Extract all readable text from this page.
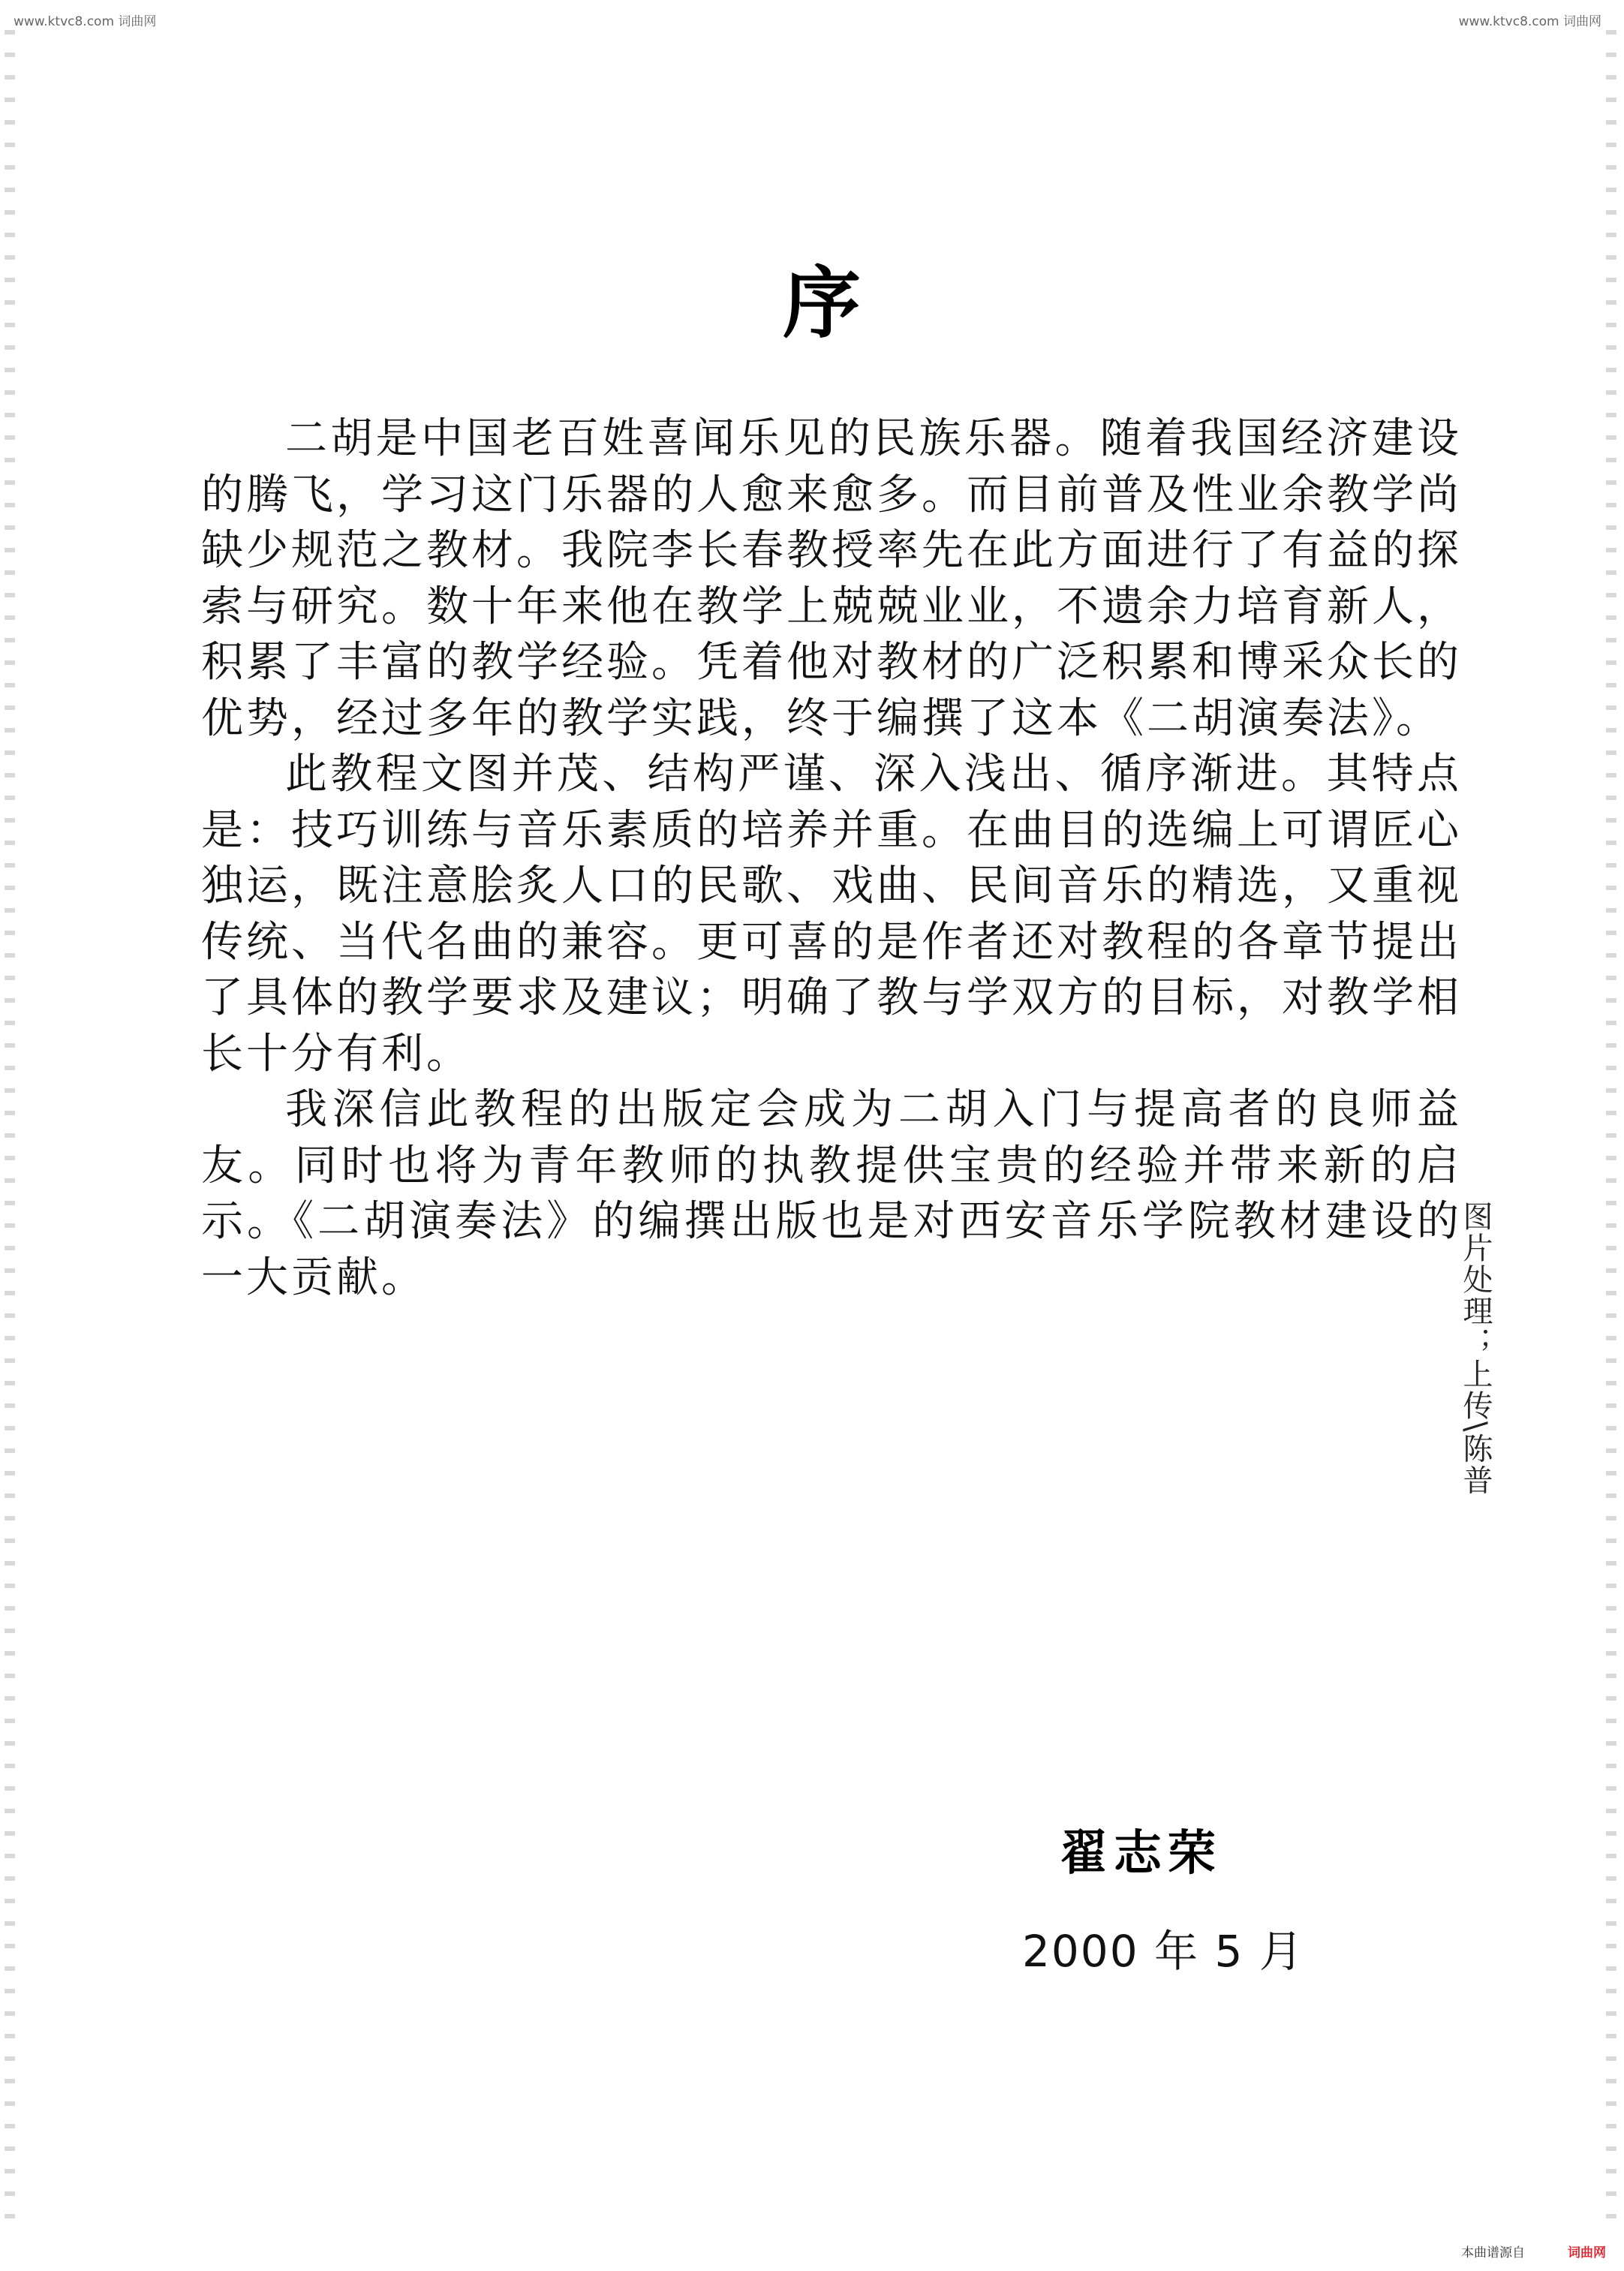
www.ktvc8.com 词曲网	www.ktvc8.com 词曲网
序

二胡是中国老百姓喜闻乐见的民族乐器。随着我国经济建设的腾飞，学习这门乐器的人愈来愈多。而目前普及性业余教学尚缺少规范之教材。我院李长春教授率先在此方面进行了有益的探索与研究。数十年来他在教学上兢兢业业，不遗余力培育新人，积累了丰富的教学经验。凭着他对教材的广泛积累和博采众长的优势，经过多年的教学实践，终于编撰了这本《二胡演奏法》。

此教程文图并茂、结构严谨、深入浅出、循序渐进。其特点是：技巧训练与音乐素质的培养并重。在曲目的选编上可谓匠心独运，既注意脍炙人口的民歌、戏曲、民间音乐的精选，又重视传统、当代名曲的兼容。更可喜的是作者还对教程的各章节提出了具体的教学要求及建议；明确了教与学双方的目标，对教学相长十分有利。

我深信此教程的出版定会成为二胡入门与提高者的良师益友。同时也将为青年教师的执教提供宝贵的经验并带来新的启示。《二胡演奏法》的编撰出版也是对西安音乐学院教材建设的一大贡献。	图片处理；上传\陈普
翟志荣
2000 年 5 月
本曲谱源自	词曲网
